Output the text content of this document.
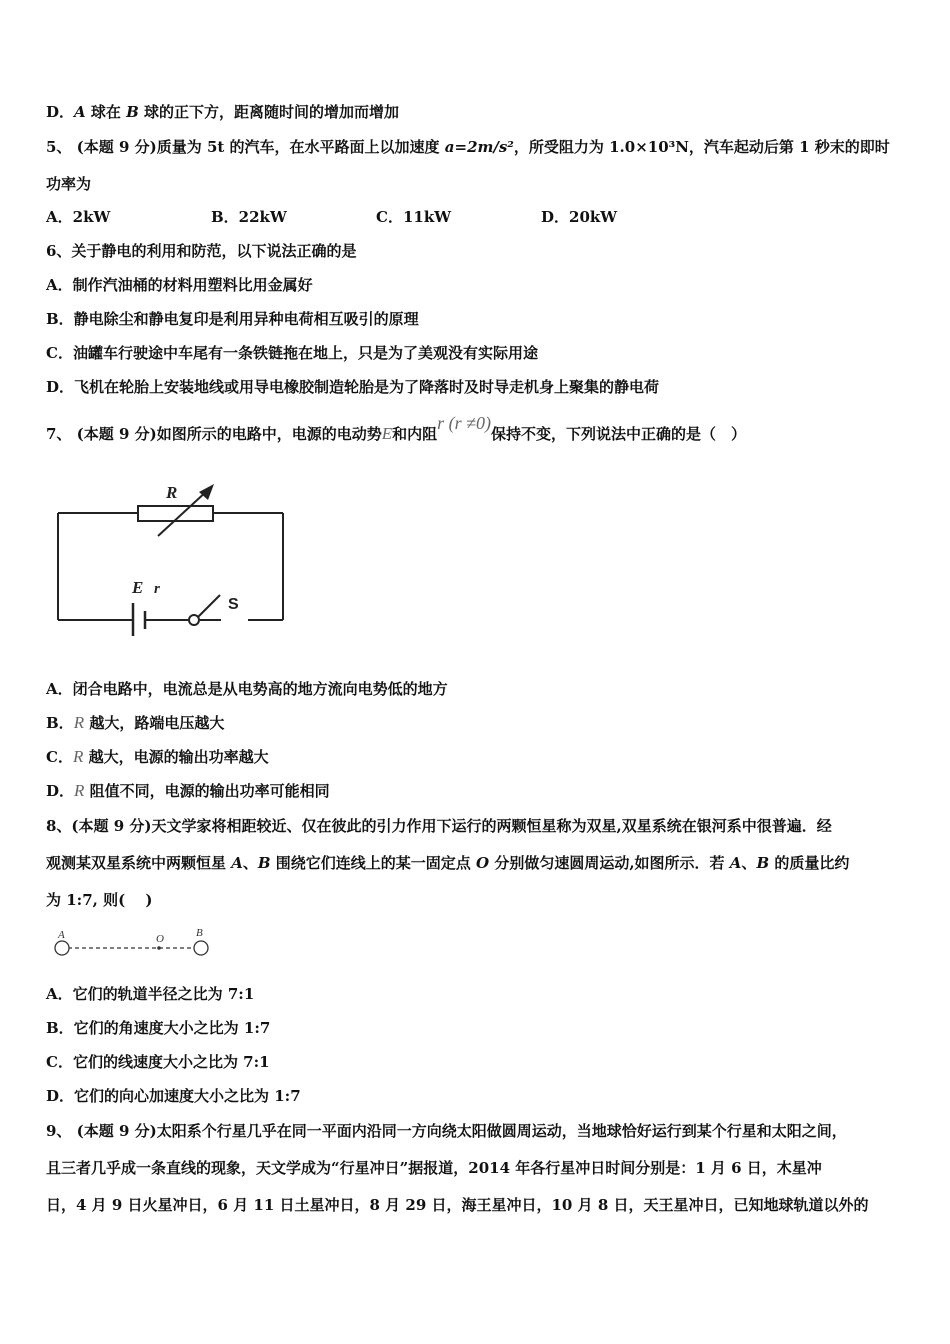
D．A 球在 B 球的正下方，距离随时间的增加而增加
5、 (本题 9 分)质量为 5t 的汽车，在水平路面上以加速度 a=2m/s²，所受阻力为 1.0×10³N，汽车起动后第 1 秒末的即时
功率为
A．2kW	B．22kW	C．11kW	D．20kW
6、关于静电的利用和防范，以下说法正确的是
A．制作汽油桶的材料用塑料比用金属好
B．静电除尘和静电复印是利用异种电荷相互吸引的原理
C．油罐车行驶途中车尾有一条铁链拖在地上，只是为了美观没有实际用途
D．飞机在轮胎上安装地线或用导电橡胶制造轮胎是为了降落时及时导走机身上聚集的静电荷
7、 (本题 9 分)如图所示的电路中，电源的电动势E和内阻r (r ≠0)保持不变，下列说法中正确的是（　）
R
E r
S
A．闭合电路中，电流总是从电势高的地方流向电势低的地方
B．R 越大，路端电压越大
C．R 越大，电源的输出功率越大
D．R 阻值不同，电源的输出功率可能相同
8、(本题 9 分)天文学家将相距较近、仅在彼此的引力作用下运行的两颗恒星称为双星,双星系统在银河系中很普遍．经
观测某双星系统中两颗恒星 A、B 围绕它们连线上的某一固定点 O 分别做匀速圆周运动,如图所示．若 A、B 的质量比约
为 1:7, 则(　 )
A	O	B
A．它们的轨道半径之比为 7:1
B．它们的角速度大小之比为 1:7
C．它们的线速度大小之比为 7:1
D．它们的向心加速度大小之比为 1:7
9、 (本题 9 分)太阳系个行星几乎在同一平面内沿同一方向绕太阳做圆周运动，当地球恰好运行到某个行星和太阳之间，
且三者几乎成一条直线的现象，天文学成为“行星冲日”据报道，2014 年各行星冲日时间分别是：1 月 6 日，木星冲
日，4 月 9 日火星冲日，6 月 11 日土星冲日，8 月 29 日，海王星冲日，10 月 8 日，天王星冲日，已知地球轨道以外的
